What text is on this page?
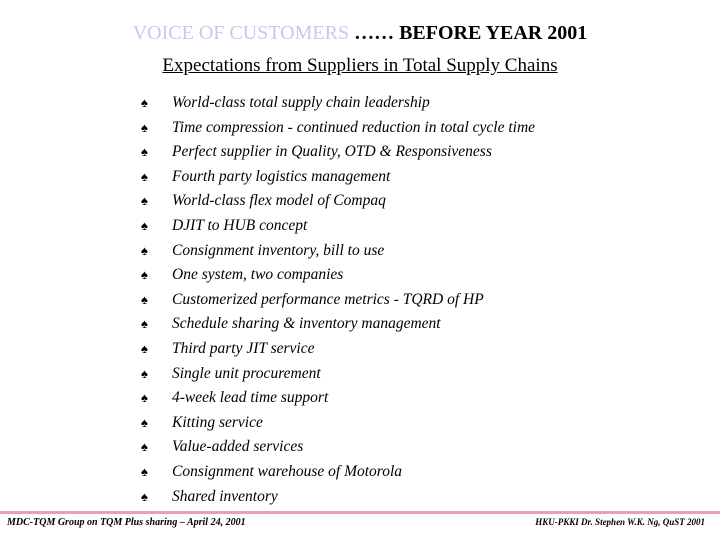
VOICE OF CUSTOMERS …… BEFORE YEAR 2001
Expectations from Suppliers in Total Supply Chains
♠ World-class total supply chain leadership
♠ Time compression - continued reduction in total cycle time
♠ Perfect supplier in Quality, OTD & Responsiveness
♠ Fourth party logistics management
♠ World-class flex model of Compaq
♠ DJIT to HUB concept
♠ Consignment inventory, bill to use
♠ One system, two companies
♠ Customerized performance metrics - TQRD of HP
♠ Schedule sharing & inventory management
♠ Third party JIT service
♠ Single unit procurement
♠ 4-week lead time support
♠ Kitting service
♠ Value-added services
♠ Consignment warehouse of Motorola
♠ Shared inventory
MDC-TQM Group on TQM Plus sharing – April 24, 2001	HKU-PKKI Dr. Stephen W.K. Ng, QuST 2001
